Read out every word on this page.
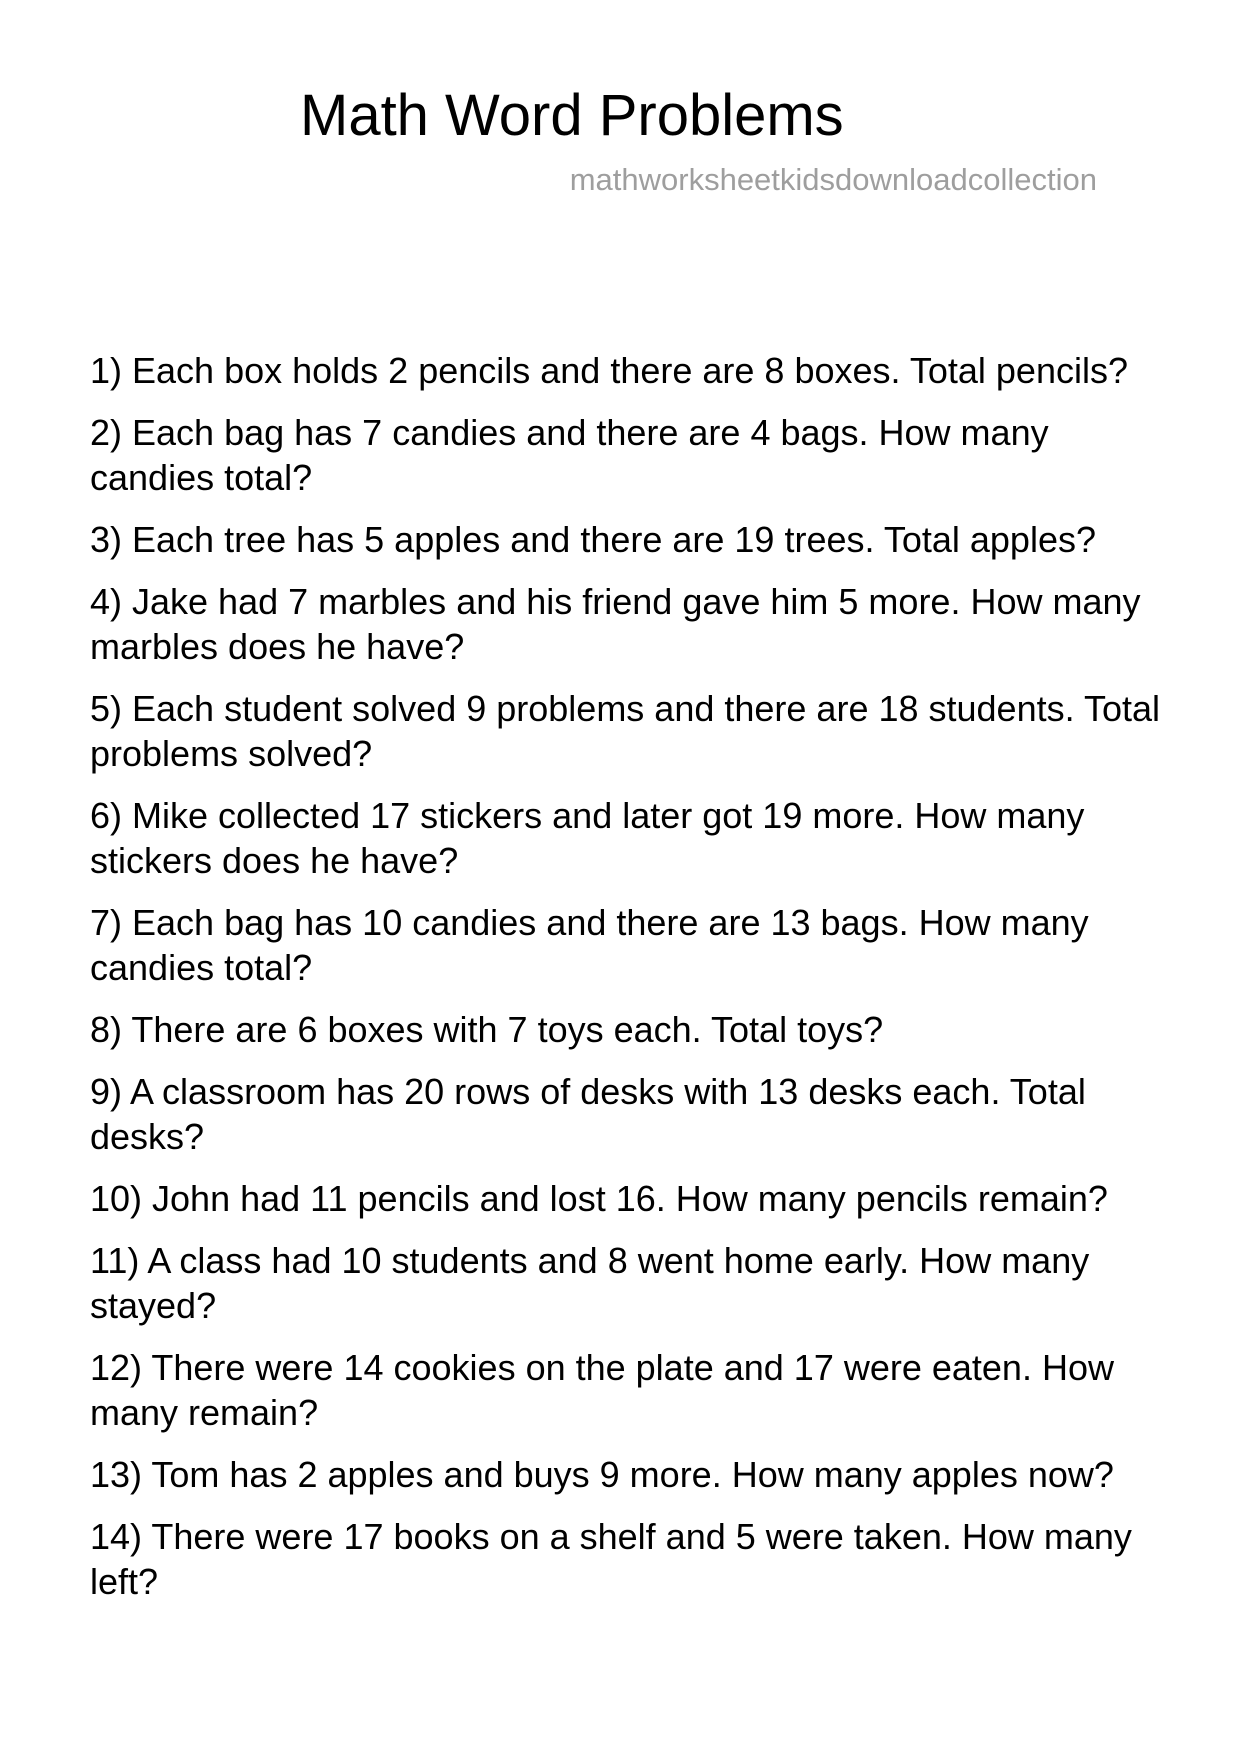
Math Word Problems
mathworksheetkidsdownloadcollection

1) Each box holds 2 pencils and there are 8 boxes. Total pencils?

2) Each bag has 7 candies and there are 4 bags. How many candies total?

3) Each tree has 5 apples and there are 19 trees. Total apples?

4) Jake had 7 marbles and his friend gave him 5 more. How many marbles does he have?

5) Each student solved 9 problems and there are 18 students. Total problems solved?

6) Mike collected 17 stickers and later got 19 more. How many stickers does he have?

7) Each bag has 10 candies and there are 13 bags. How many candies total?

8) There are 6 boxes with 7 toys each. Total toys?

9) A classroom has 20 rows of desks with 13 desks each. Total desks?

10) John had 11 pencils and lost 16. How many pencils remain?

11) A class had 10 students and 8 went home early. How many stayed?

12) There were 14 cookies on the plate and 17 were eaten. How many remain?

13) Tom has 2 apples and buys 9 more. How many apples now?

14) There were 17 books on a shelf and 5 were taken. How many left?
